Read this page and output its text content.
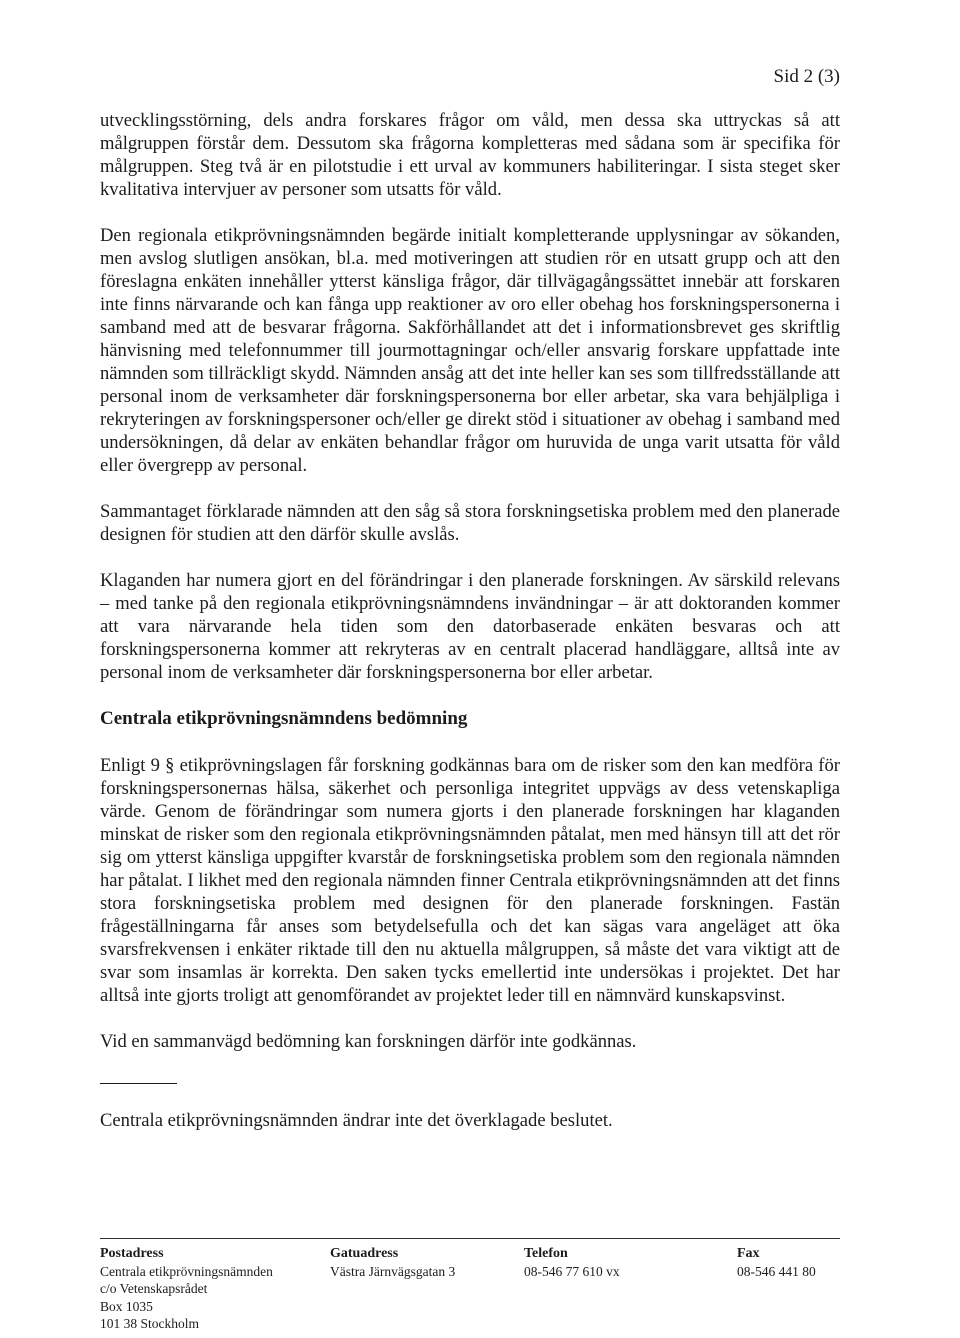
Sid 2 (3)

utvecklingsstörning, dels andra forskares frågor om våld, men dessa ska uttryckas så att målgruppen förstår dem. Dessutom ska frågorna kompletteras med sådana som är specifika för målgruppen. Steg två är en pilotstudie i ett urval av kommuners habiliteringar. I sista steget sker kvalitativa intervjuer av personer som utsatts för våld.

Den regionala etikprövningsnämnden begärde initialt kompletterande upplysningar av sökanden, men avslog slutligen ansökan, bl.a. med motiveringen att studien rör en utsatt grupp och att den föreslagna enkäten innehåller ytterst känsliga frågor, där tillvägagångssättet innebär att forskaren inte finns närvarande och kan fånga upp reaktioner av oro eller obehag hos forskningspersonerna i samband med att de besvarar frågorna. Sakförhållandet att det i informationsbrevet ges skriftlig hänvisning med telefonnummer till jourmottagningar och/eller ansvarig forskare uppfattade inte nämnden som tillräckligt skydd. Nämnden ansåg att det inte heller kan ses som tillfredsställande att personal inom de verksamheter där forskningspersonerna bor eller arbetar, ska vara behjälpliga i rekryteringen av forskningspersoner och/eller ge direkt stöd i situationer av obehag i samband med undersökningen, då delar av enkäten behandlar frågor om huruvida de unga varit utsatta för våld eller övergrepp av personal.

Sammantaget förklarade nämnden att den såg så stora forskningsetiska problem med den planerade designen för studien att den därför skulle avslås.

Klaganden har numera gjort en del förändringar i den planerade forskningen. Av särskild relevans – med tanke på den regionala etikprövningsnämndens invändningar – är att doktoranden kommer att vara närvarande hela tiden som den datorbaserade enkäten besvaras och att forskningspersonerna kommer att rekryteras av en centralt placerad handläggare, alltså inte av personal inom de verksamheter där forskningspersonerna bor eller arbetar.

Centrala etikprövningsnämndens bedömning

Enligt 9 § etikprövningslagen får forskning godkännas bara om de risker som den kan medföra för forskningspersonernas hälsa, säkerhet och personliga integritet uppvägs av dess vetenskapliga värde. Genom de förändringar som numera gjorts i den planerade forskningen har klaganden minskat de risker som den regionala etikprövningsnämnden påtalat, men med hänsyn till att det rör sig om ytterst känsliga uppgifter kvarstår de forskningsetiska problem som den regionala nämnden har påtalat. I likhet med den regionala nämnden finner Centrala etikprövningsnämnden att det finns stora forskningsetiska problem med designen för den planerade forskningen. Fastän frågeställningarna får anses som betydelsefulla och det kan sägas vara angeläget att öka svarsfrekvensen i enkäter riktade till den nu aktuella målgruppen, så måste det vara viktigt att de svar som insamlas är korrekta. Den saken tycks emellertid inte undersökas i projektet. Det har alltså inte gjorts troligt att genomförandet av projektet leder till en nämnvärd kunskapsvinst.

Vid en sammanvägd bedömning kan forskningen därför inte godkännas.

Centrala etikprövningsnämnden ändrar inte det överklagade beslutet.

Postadress
Centrala etikprövningsnämnden
c/o Vetenskapsrådet
Box 1035
101 38 Stockholm
Gatuadress
Västra Järnvägsgatan 3
Telefon
08-546 77 610 vx
Fax
08-546 441 80
